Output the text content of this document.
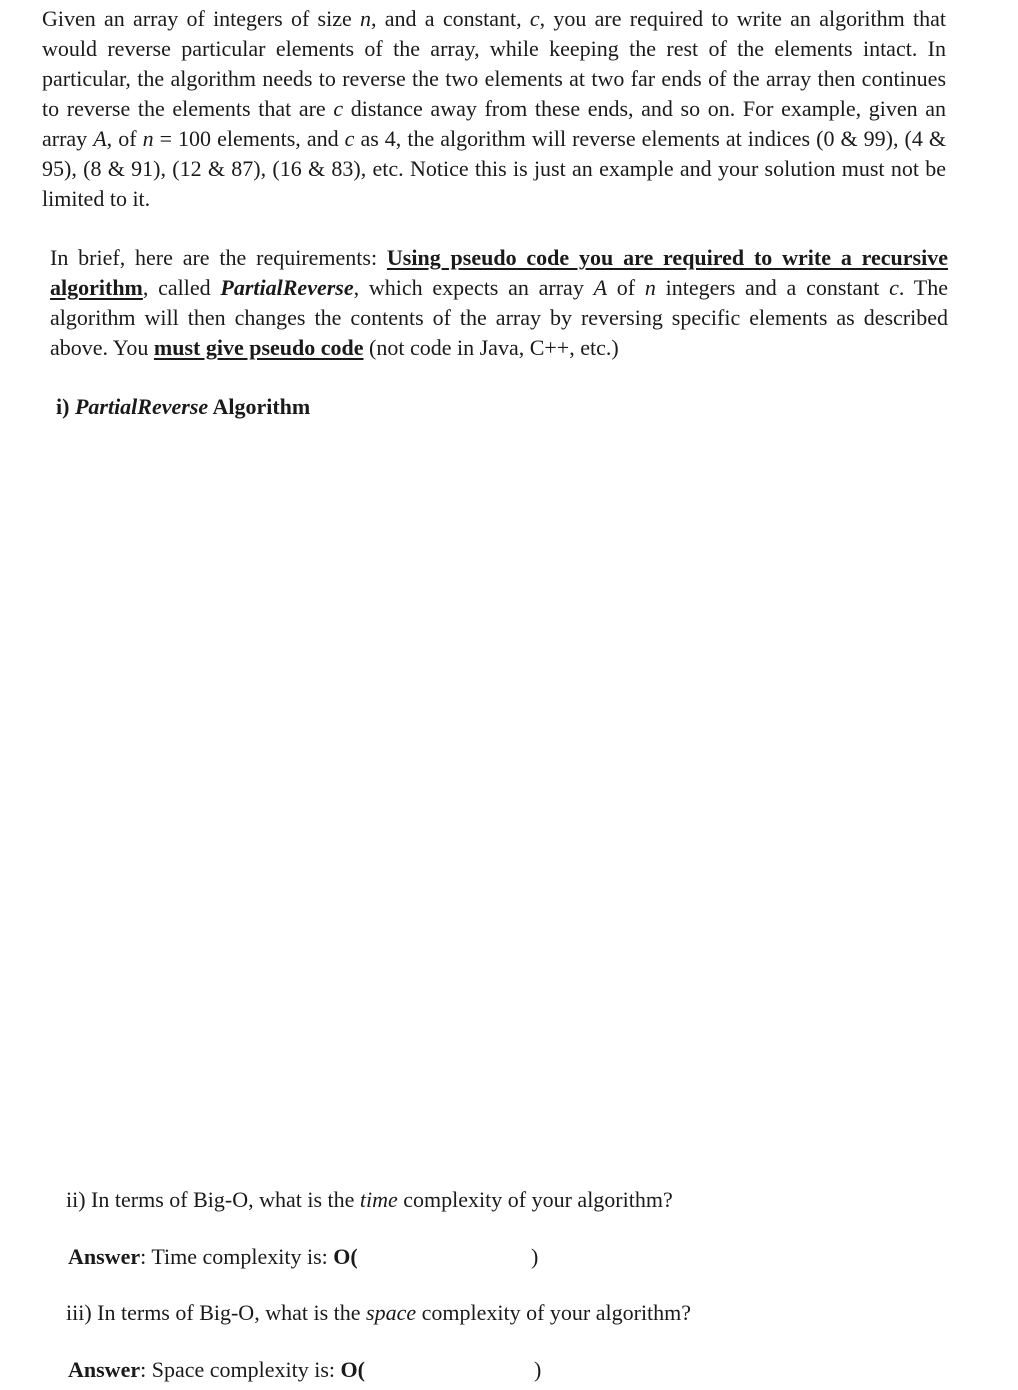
Given an array of integers of size n, and a constant, c, you are required to write an algorithm that would reverse particular elements of the array, while keeping the rest of the elements intact. In particular, the algorithm needs to reverse the two elements at two far ends of the array then continues to reverse the elements that are c distance away from these ends, and so on. For example, given an array A, of n = 100 elements, and c as 4, the algorithm will reverse elements at indices (0 & 99), (4 & 95), (8 & 91), (12 & 87), (16 & 83), etc. Notice this is just an example and your solution must not be limited to it.

In brief, here are the requirements: Using pseudo code you are required to write a recursive algorithm, called PartialReverse, which expects an array A of n integers and a constant c. The algorithm will then changes the contents of the array by reversing specific elements as described above. You must give pseudo code (not code in Java, C++, etc.)

i) PartialReverse Algorithm

ii) In terms of Big-O, what is the time complexity of your algorithm?

Answer: Time complexity is: O(	)

iii) In terms of Big-O, what is the space complexity of your algorithm?

Answer: Space complexity is: O(	)
